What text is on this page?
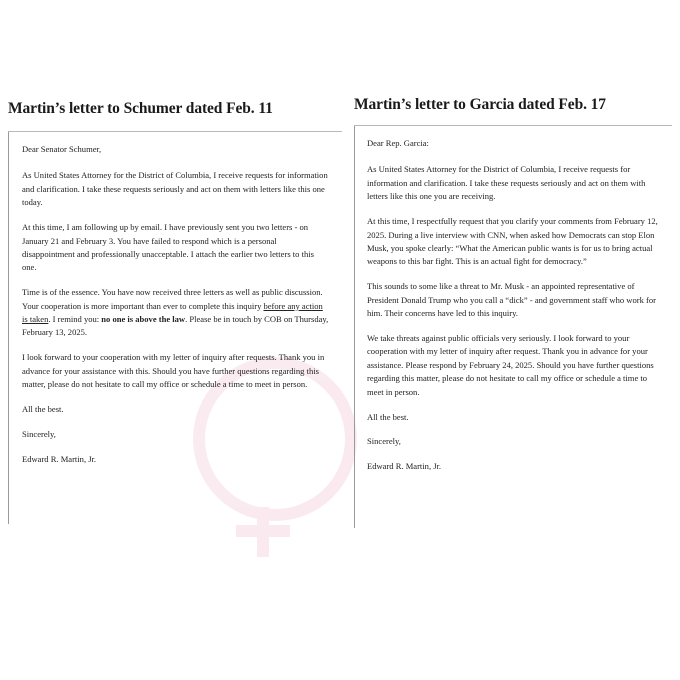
Martin’s letter to Schumer dated Feb. 11

Dear Senator Schumer,

As United States Attorney for the District of Columbia, I receive requests for information and clarification. I take these requests seriously and act on them with letters like this one today.

At this time, I am following up by email. I have previously sent you two letters - on January 21 and February 3. You have failed to respond which is a personal disappointment and professionally unacceptable. I attach the earlier two letters to this one.

Time is of the essence. You have now received three letters as well as public discussion. Your cooperation is more important than ever to complete this inquiry before any action is taken. I remind you: no one is above the law. Please be in touch by COB on Thursday, February 13, 2025.

I look forward to your cooperation with my letter of inquiry after requests. Thank you in advance for your assistance with this. Should you have further questions regarding this matter, please do not hesitate to call my office or schedule a time to meet in person.

All the best.

Sincerely,

Edward R. Martin, Jr.

Martin’s letter to Garcia dated Feb. 17

Dear Rep. Garcia:

As United States Attorney for the District of Columbia, I receive requests for information and clarification. I take these requests seriously and act on them with letters like this one you are receiving.

At this time, I respectfully request that you clarify your comments from February 12, 2025. During a live interview with CNN, when asked how Democrats can stop Elon Musk, you spoke clearly: “What the American public wants is for us to bring actual weapons to this bar fight. This is an actual fight for democracy.”

This sounds to some like a threat to Mr. Musk - an appointed representative of President Donald Trump who you call a “dick” - and government staff who work for him. Their concerns have led to this inquiry.

We take threats against public officials very seriously. I look forward to your cooperation with my letter of inquiry after request. Thank you in advance for your assistance. Please respond by February 24, 2025. Should you have further questions regarding this matter, please do not hesitate to call my office or schedule a time to meet in person.

All the best.

Sincerely,

Edward R. Martin, Jr.
